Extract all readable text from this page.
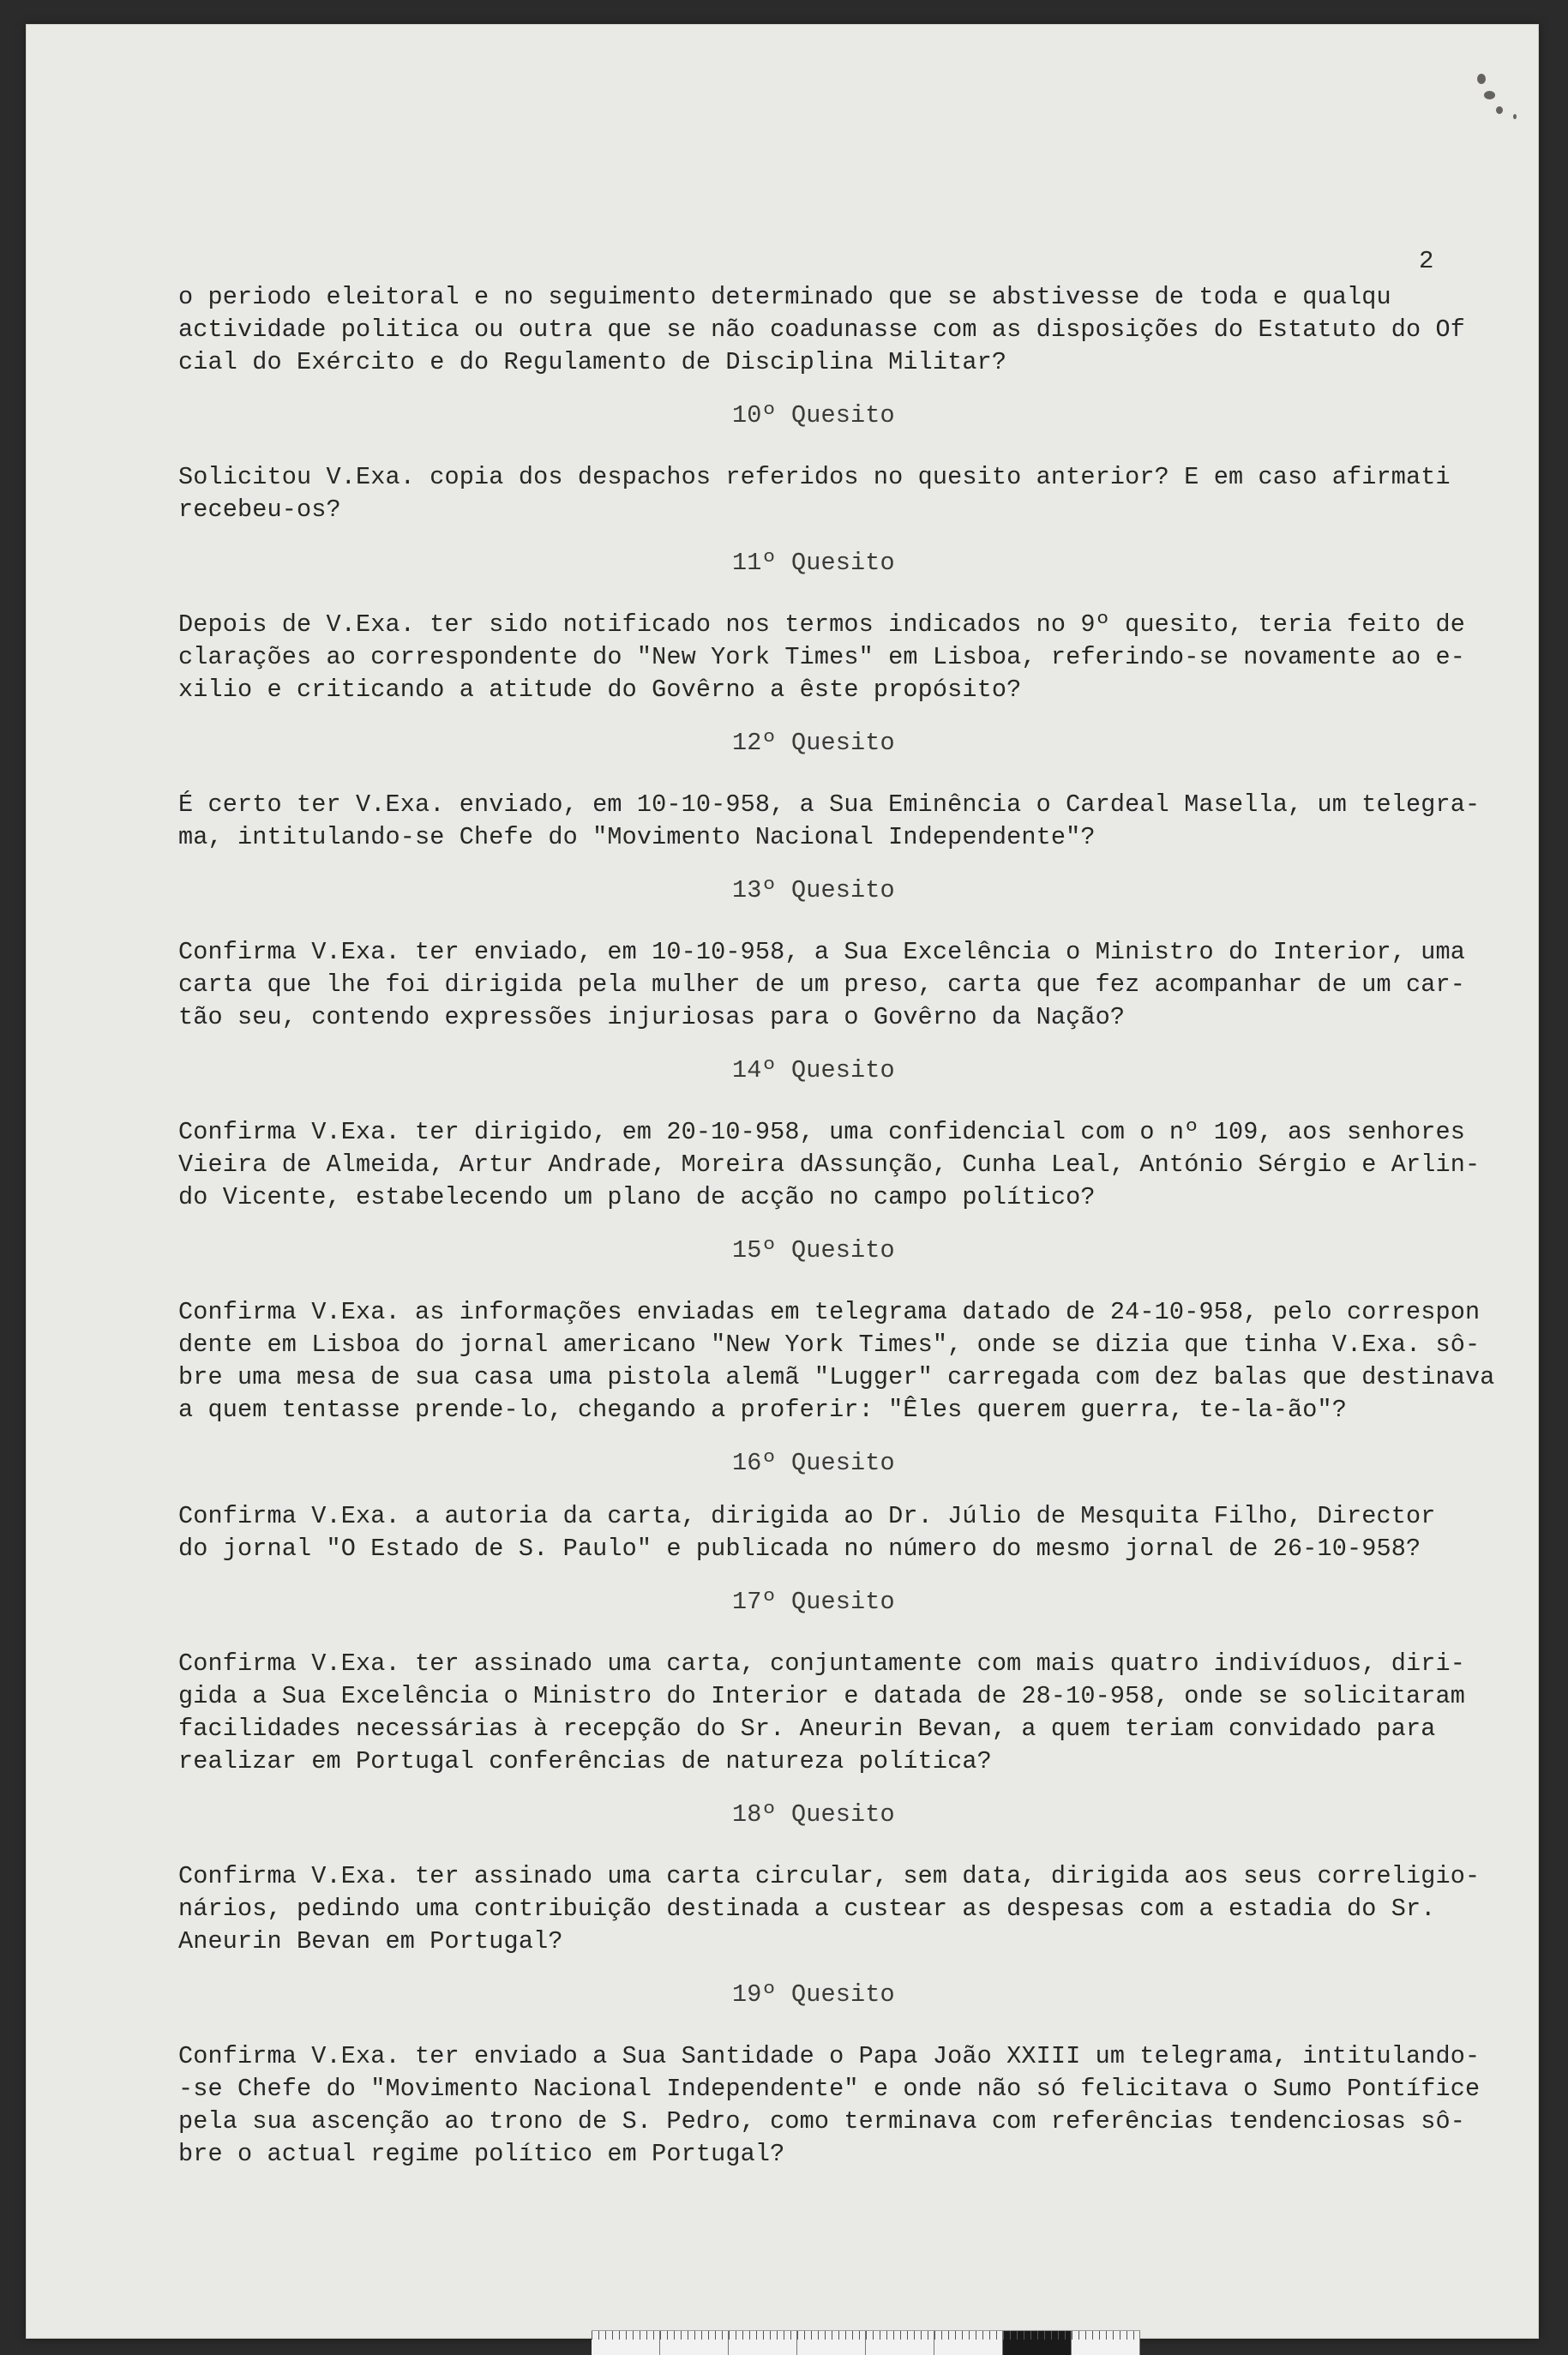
2

o periodo eleitoral e no seguimento determinado que se abstivesse de toda e qualqu
actividade politica ou outra que se não coadunasse com as disposições do Estatuto do Of
cial do Exército e do Regulamento de Disciplina Militar?

10º Quesito

Solicitou V.Exa. copia dos despachos referidos no quesito anterior? E em caso afirmati
recebeu-os?

11º Quesito

Depois de V.Exa. ter sido notificado nos termos indicados no 9º quesito, teria feito de
clarações ao correspondente do "New York Times" em Lisboa, referindo-se novamente ao e-
xilio e criticando a atitude do Govêrno a êste propósito?

12º Quesito

É certo ter V.Exa. enviado, em 10-10-958, a Sua Eminência o Cardeal Masella, um telegra-
ma, intitulando-se Chefe do "Movimento Nacional Independente"?

13º Quesito

Confirma V.Exa. ter enviado, em 10-10-958, a Sua Excelência o Ministro do Interior, uma
carta que lhe foi dirigida pela mulher de um preso, carta que fez acompanhar de um car-
tão seu, contendo expressões injuriosas para o Govêrno da Nação?

14º Quesito

Confirma V.Exa. ter dirigido, em 20-10-958, uma confidencial com o nº 109, aos senhores
Vieira de Almeida, Artur Andrade, Moreira dAssunção, Cunha Leal, António Sérgio e Arlin-
do Vicente, estabelecendo um plano de acção no campo político?

15º Quesito

Confirma V.Exa. as informações enviadas em telegrama datado de 24-10-958, pelo correspon
dente em Lisboa do jornal americano "New York Times", onde se dizia que tinha V.Exa. sô-
bre uma mesa de sua casa uma pistola alemã "Lugger" carregada com dez balas que destinava
a quem tentasse prende-lo, chegando a proferir: "Êles querem guerra, te-la-ão"?

16º Quesito

Confirma V.Exa. a autoria da carta, dirigida ao Dr. Júlio de Mesquita Filho, Director
do jornal "O Estado de S. Paulo" e publicada no número do mesmo jornal de 26-10-958?

17º Quesito

Confirma V.Exa. ter assinado uma carta, conjuntamente com mais quatro indivíduos, diri-
gida a Sua Excelência o Ministro do Interior e datada de 28-10-958, onde se solicitaram
facilidades necessárias à recepção do Sr. Aneurin Bevan, a quem teriam convidado para
realizar em Portugal conferências de natureza política?

18º Quesito

Confirma V.Exa. ter assinado uma carta circular, sem data, dirigida aos seus correligio-
nários, pedindo uma contribuição destinada a custear as despesas com a estadia do Sr.
Aneurin Bevan em Portugal?

19º Quesito

Confirma V.Exa. ter enviado a Sua Santidade o Papa João XXIII um telegrama, intitulando-
-se Chefe do "Movimento Nacional Independente" e onde não só felicitava o Sumo Pontífice
pela sua ascenção ao trono de S. Pedro, como terminava com referências tendenciosas sô-
bre o actual regime político em Portugal?
